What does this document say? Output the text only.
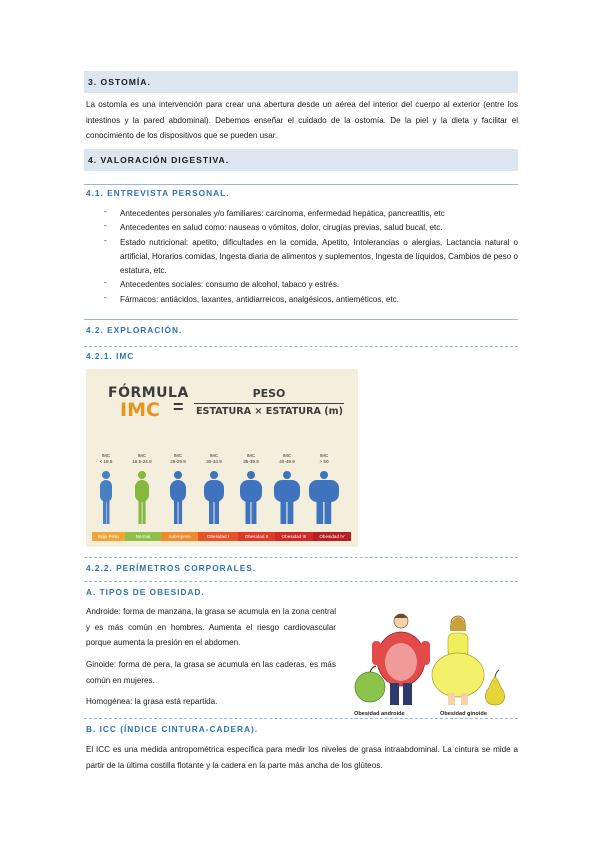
3. OSTOMÍA.
La ostomía es una intervención para crear una abertura desde un aérea del interior del cuerpo al exterior (entre los intestinos y la pared abdominal). Debemos enseñar el cuidado de la ostomía. De la piel y la dieta y facilitar el conocimiento de los dispositivos que se pueden usar.
4. VALORACIÓN DIGESTIVA.
4.1. ENTREVISTA PERSONAL.
- Antecedentes personales y/o familiares: carcinoma, enfermedad hepática, pancreatitis, etc
- Antecedentes en salud como: nauseas o vómitos, dolor, cirugías previas, salud bucal, etc.
- Estado nutricional: apetito, dificultades en la comida, Apetito, Intolerancias o alergias, Lactancia natural o artificial, Horarios comidas, Ingesta diaria de alimentos y suplementos, Ingesta de líquidos, Cambios de peso o estatura, etc.
- Antecedentes sociales: consumo de alcohol, tabaco y estrés.
- Fármacos: antiácidos, laxantes, antidiarreicos, analgésicos, antieméticos, etc.
4.2. EXPLORACIÓN.
4.2.1. IMC
FÓRMULA
IMC =
PESO
ESTATURA × ESTATURA (m)
IMC
< 18.5
Bajo Peso
IMC
18.5-24.9
Normal
IMC
25-29.9
Sobrepeso
IMC
30-34.9
Obesidad I
IMC
35-39.9
Obesidad II
IMC
40-49.9
Obesidad III
IMC
> 50
Obesidad IV
4.2.2. PERÍMETROS CORPORALES.
A. TIPOS DE OBESIDAD.
Androide: forma de manzana, la grasa se acumula en la zona central y es más común en hombres. Aumenta el riesgo cardiovascular porque aumenta la presión en el abdomen.
Ginoide: forma de pera, la grasa se acumula en las caderas, es más común en mujeres.
Homogénea: la grasa está repartida.
Obesidad androide	Obesidad ginoide
B. ICC (ÍNDICE CINTURA-CADERA).
El ICC es una medida antropométrica específica para medir los niveles de grasa intraabdominal. La cintura se mide a partir de la última costilla flotante y la cadera en la parte más ancha de los glúteos.
